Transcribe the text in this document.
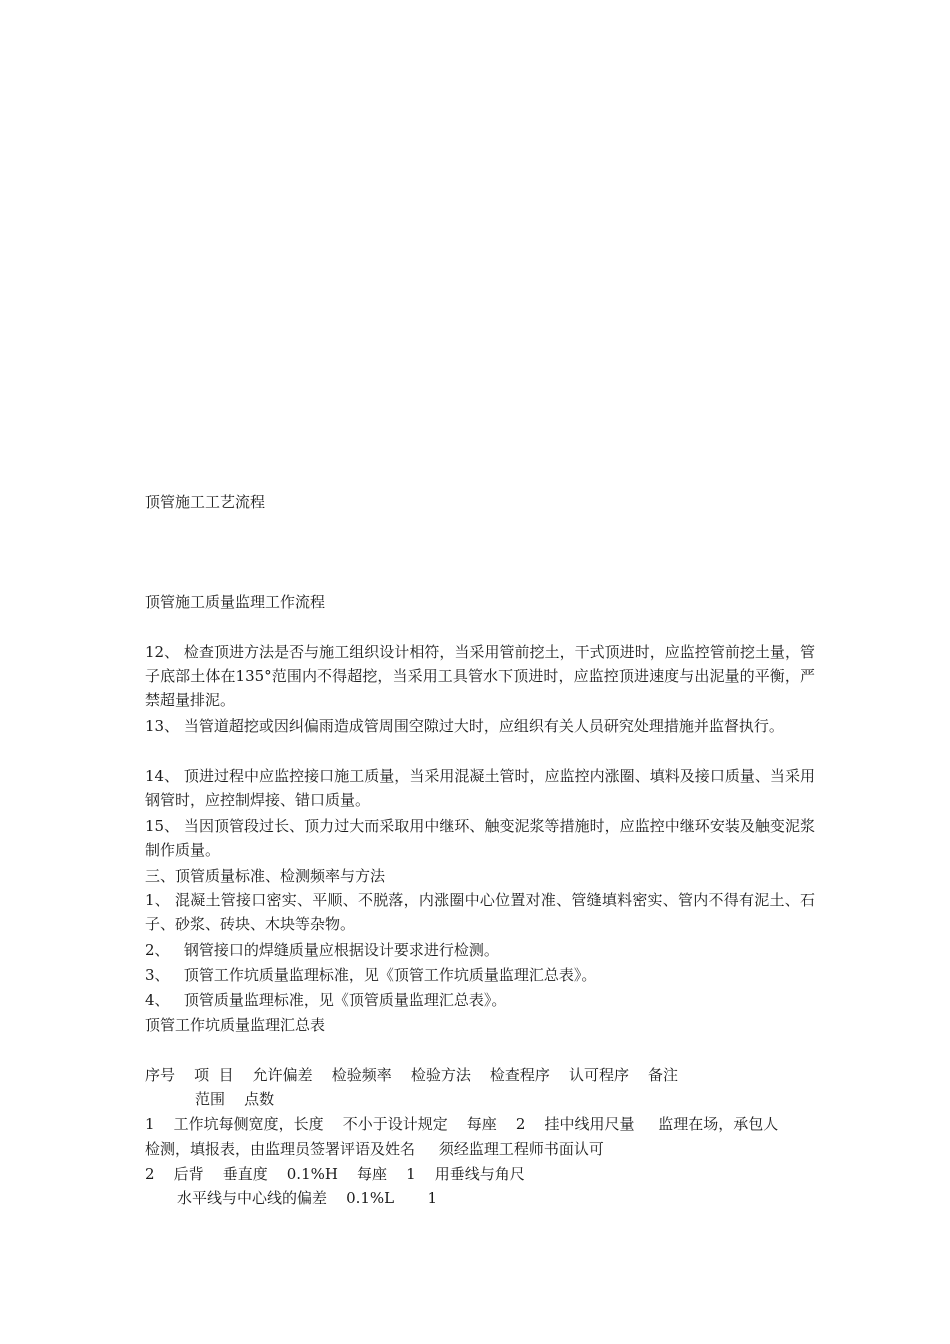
顶管施工工艺流程
顶管施工质量监理工作流程
12、 检查顶进方法是否与施工组织设计相符，当采用管前挖土，干式顶进时，应监控管前挖土量，管子底部土体在135°范围内不得超挖，当采用工具管水下顶进时，应监控顶进速度与出泥量的平衡，严禁超量排泥。
13、 当管道超挖或因纠偏雨造成管周围空隙过大时，应组织有关人员研究处理措施并监督执行。
14、 顶进过程中应监控接口施工质量，当采用混凝土管时，应监控内涨圈、填料及接口质量、当采用钢管时，应控制焊接、错口质量。
15、 当因顶管段过长、顶力过大而采取用中继环、触变泥浆等措施时，应监控中继环安装及触变泥浆制作质量。
三、顶管质量标准、检测频率与方法
1、 混凝土管接口密实、平顺、不脱落，内涨圈中心位置对准、管缝填料密实、管内不得有泥土、石子、砂浆、砖块、木块等杂物。
2、   钢管接口的焊缝质量应根据设计要求进行检测。
3、   顶管工作坑质量监理标准，见《顶管工作坑质量监理汇总表》。
4、   顶管质量监理标准，见《顶管质量监理汇总表》。
顶管工作坑质量监理汇总表
序号    项  目    允许偏差    检验频率    检验方法    检查程序    认可程序    备注
范围    点数
1    工作坑每侧宽度，长度    不小于设计规定    每座    2    挂中线用尺量     监理在场，承包人
检测，填报表，由监理员签署评语及姓名     须经监理工程师书面认可
2    后背    垂直度    0.1%H    每座    1    用垂线与角尺
水平线与中心线的偏差    0.1%L       1
